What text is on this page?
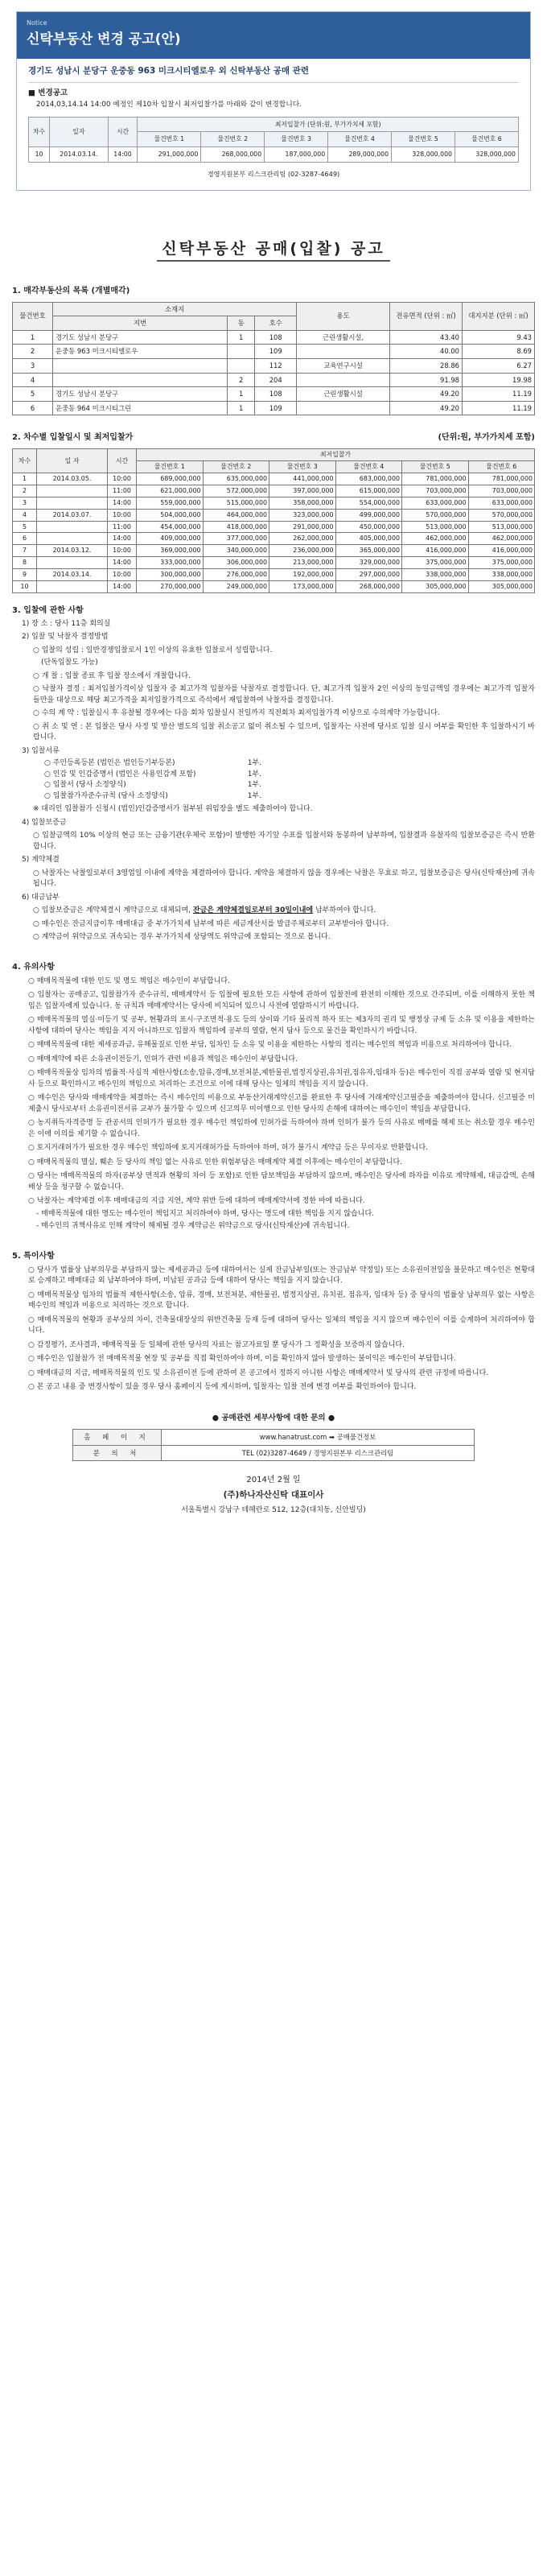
Notice
신탁부동산 변경 공고(안)
경기도 성남시 분당구 운중동 963 미크시티엘로우 외 신탁부동산 공매 관련
■ 변경공고
2014,03,14.14 14:00 예정인 제10차 입찰시 최저입찰가를 아래와 같이 변경합니다.
차수	일자	시간	최저입찰가 (단위:원, 부가가치세 포함)					
			물건번호 1	물건번호 2	물건번호 3	물건번호 4	물건번호 5	물건번호 6
10	2014.03.14.	14:00	291,000,000	268,000,000	187,000,000	289,000,000	328,000,000	328,000,000
경영지원본부 리스크관리팀 (02-3287-4649)
신탁부동산 공매(입찰) 공고
1. 매각부동산의 목록 (개별매각)
물건번호	소재지			용도	전유면적 (단위 : ㎡)	대지지분 (단위 : ㎡)
	지번	동	호수			
1	경기도 성남시 분당구	1	108	근린생활시설,	43.40	9.43
2	운중동 963 미크시티엘로우		109		40.00	8.69
3			112	교육연구시설	28.86	6.27
4		2	204		91.98	19.98
5	경기도 성남시 분당구	1	108	근린생활시설	49.20	11.19
6	운중동 964 미크시티그린	1	109		49.20	11.19
2. 차수별 입찰일시 및 최저입찰가	(단위:원, 부가가치세 포함)
차수	일 자	시간	최저입찰가					
			물건번호 1	물건번호 2	물건번호 3	물건번호 4	물건번호 5	물건번호 6
1	2014.03.05.	10:00	689,000,000	635,000,000	441,000,000	683,000,000	781,000,000	781,000,000
2		11:00	621,000,000	572,000,000	397,000,000	615,000,000	703,000,000	703,000,000
3		14:00	559,000,000	515,000,000	358,000,000	554,000,000	633,000,000	633,000,000
4	2014.03.07.	10:00	504,000,000	464,000,000	323,000,000	499,000,000	570,000,000	570,000,000
5		11:00	454,000,000	418,000,000	291,000,000	450,000,000	513,000,000	513,000,000
6		14:00	409,000,000	377,000,000	262,000,000	405,000,000	462,000,000	462,000,000
7	2014.03.12.	10:00	369,000,000	340,000,000	236,000,000	365,000,000	416,000,000	416,000,000
8		14:00	333,000,000	306,000,000	213,000,000	329,000,000	375,000,000	375,000,000
9	2014.03.14.	10:00	300,000,000	276,000,000	192,000,000	297,000,000	338,000,000	338,000,000
10		14:00	270,000,000	249,000,000	173,000,000	268,000,000	305,000,000	305,000,000
3. 입찰에 관한 사항
1) 장 소 : 당사 11층 회의실
2) 입찰 및 낙찰자 결정방법
○ 입찰의 성립 : 일반경쟁입찰로서 1인 이상의 유효한 입찰로서 성립합니다.
(단독입찰도 가능)
○ 개 찰 : 입찰 종료 후 입찰 장소에서 개찰합니다.
○ 낙찰자 결정 : 최저입찰가격이상 입찰자 중 최고가격 입찰자를 낙찰자로 결정합니다. 단, 최고가격 입찰자 2인 이상의 동일금액일 경우에는 최고가격 입찰자들만을 대상으로 해당 최고가격을 최저입찰가격으로 즉석에서 재입찰하여 낙찰자를 결정합니다.
○ 수의 계 약 : 입찰실시 후 유찰될 경우에는 다음 회차 입찰실시 전일까지 직전회차 최저입찰가격 이상으로 수의계약 가능합니다.
○ 취 소 및 연 : 본 입찰은 당사 사정 및 방산 별도의 입찰 취소공고 없이 취소될 수 있으며, 입찰자는 사전에 당사로 입찰 실시 여부를 확인한 후 입찰하시기 바랍니다.
3) 입찰서류
○ 주민등록등본 (법인은 법인등기부등본)	1부.
○ 인감 및 인감증명서 (법인은 사용인감계 포함)	1부.
○ 입찰서 (당사 소정양식)	1부.
○ 입찰참가자준수규칙 (당사 소정양식)	1부.
※ 대리인 입찰참가 신청시 (법인)인감증명서가 첨부된 위임장을 별도 제출하여야 합니다.
4) 입찰보증금
○ 입찰금액의 10% 이상의 현금 또는 금융기관(우체국 포함)이 발행한 자기앞 수표를 입찰서와 동봉하여 납부하며, 입찰결과 유찰자의 입찰보증금은 즉시 반환합니다.
5) 계약체결
○ 낙찰자는 낙찰일로부터 3영업일 이내에 계약을 체결하여야 합니다. 계약을 체결하지 않을 경우에는 낙찰은 무효로 하고, 입찰보증금은 당사(신탁재산)에 귀속됩니다.
6) 대금납부
○ 입찰보증금은 계약체결시 계약금으로 대체되며, 잔금은 계약체결일로부터 30일이내에 납부하여야 합니다.
○ 매수인은 잔금지급이후 매매대금 중 부가가치세 납부에 따른 세금계산서를 발급주체로부터 교부받아야 합니다.
○ 계약금이 위약금으로 귀속되는 경우 부가가치세 상당액도 위약금에 포함되는 것으로 봅니다.
4. 유의사항
○ 매매목적물에 대한 인도 및 명도 책임은 매수인이 부담합니다.
○ 입찰자는 공매공고, 입찰참가자 준수규칙, 매매계약서 등 입찰에 필요한 모든 사항에 관하여 입찰전에 완전히 이해한 것으로 간주되며, 이를 이해하지 못한 책임은 입찰자에게 있습니다. 동 규칙과 매매계약서는 당사에 비치되어 있으니 사전에 열람하시기 바랍니다.
○ 매매목적물의 열실·미등기 및 공부, 현황과의 표시·구조면적·용도 등의 상이와 기타 물리적 하자 또는 제3자의 권리 및 행정상 규제 등 소유 및 이용을 제한하는 사항에 대하여 당사는 책임을 지지 아니하므로 입찰자 책임하에 공부의 열람, 현지 답사 등으로 물건을 확인하시기 바랍니다.
○ 매매목적물에 대한 제세공과금, 유해물질로 인한 부담, 임차인 등 소유 및 이용을 제한하는 사항의 정리는 매수인의 책임과 비용으로 처리하여야 합니다.
○ 매매계약에 따른 소유권이전등기, 인허가 관련 비용과 책임은 매수인이 부담합니다.
○ 매매목적물상 임차의 법률적·사실적 제한사항(소송,압류,경매,보전처분,제한물권,법정지상권,유치권,점유자,임대차 등)은 매수인이 직접 공부와 열람 및 현지답사 등으로 확인하시고 매수인의 책임으로 처리하는 조건으로 이에 대해 당사는 일체의 책임을 지지 않습니다.
○ 매수인은 당사와 매매계약을 체결하는 즉시 매수인의 비용으로 부동산거래계약신고를 완료한 후 당사에 거래계약신고필증을 제출하여야 합니다. 신고필증 미제출시 당사로부터 소유권이전서류 교부가 불가할 수 있으며 신고의무 미이행으로 인한 당사의 손해에 대하여는 매수인이 책임을 부담합니다.
○ 농지취득자격증명 등 관공서의 인허가가 필요한 경우 매수인 책임하에 인허가를 득하여야 하며 인허가 불가 등의 사유로 매매를 해제 또는 취소할 경우 매수인은 이에 이의를 제기할 수 없습니다.
○ 토지거래허가가 필요한 경우 매수인 책임하에 토지거래허가를 득하여야 하며, 허가 불가시 계약금 등은 무이자로 반환합니다.
○ 매매목적물의 멸실, 훼손 등 당사의 책임 없는 사유로 인한 위험부담은 매매계약 체결 이후에는 매수인이 부담합니다.
○ 당사는 매매목적물의 하자(공부상 면적과 현황의 차이 등 포함)로 인한 담보책임을 부담하지 않으며, 매수인은 당사에 하자를 이유로 계약해제, 대금감액, 손해배상 등을 청구할 수 없습니다.
○ 낙찰자는 계약체결 이후 매매대금의 지급 지연, 계약 위반 등에 대하여 매매계약서에 정한 바에 따릅니다.
- 매매목적물에 대한 명도는 매수인이 책임지고 처리하여야 하며, 당사는 명도에 대한 책임을 지지 않습니다.
- 매수인의 귀책사유로 인해 계약이 해제될 경우 계약금은 위약금으로 당사(신탁재산)에 귀속됩니다.
5. 특이사항
○ 당사가 법률상 납부의무를 부담하지 않는 제세공과금 등에 대하여서는 실제 잔금납부일(또는 잔금납부 약정일) 또는 소유권이전일을 불문하고 매수인은 현황대로 승계하고 매매대금 외 납부하여야 하며, 미납된 공과금 등에 대하여 당사는 책임을 지지 않습니다.
○ 매매목적물상 임차의 법률적 제한사항(소송, 압류, 경매, 보전처분, 제한물권, 법정지상권, 유치권, 점유자, 임대차 등) 중 당사의 법률상 납부의무 없는 사항은 매수인의 책임과 비용으로 처리하는 것으로 합니다.
○ 매매목적물의 현황과 공부상의 차이, 건축물대장상의 위반건축물 등재 등에 대하여 당사는 일체의 책임을 지지 않으며 매수인이 이를 승계하여 처리하여야 합니다.
○ 감정평가, 조사결과, 매매목적물 등 일체에 관한 당사의 자료는 참고자료일 뿐 당사가 그 정확성을 보증하지 않습니다.
○ 매수인은 입찰참가 전 매매목적물 현장 및 공부를 직접 확인하여야 하며, 이를 확인하지 않아 발생하는 불이익은 매수인이 부담합니다.
○ 매매대금의 지급, 매매목적물의 인도 및 소유권이전 등에 관하여 본 공고에서 정하지 아니한 사항은 매매계약서 및 당사의 관련 규정에 따릅니다.
○ 본 공고 내용 중 변경사항이 있을 경우 당사 홈페이지 등에 게시하며, 입찰자는 입찰 전에 변경 여부를 확인하여야 합니다.
● 공매관련 세부사항에 대한 문의 ●
홈 페 이 지	www.hanatrust.com ➡ 공매물건정보
문 의 처	TEL (02)3287-4649 / 경영지원본부 리스크관리팀
2014년 2월 일
(주)하나자산신탁 대표이사
서울특별시 강남구 테헤란로 512, 12층(대치동, 신안빌딩)
